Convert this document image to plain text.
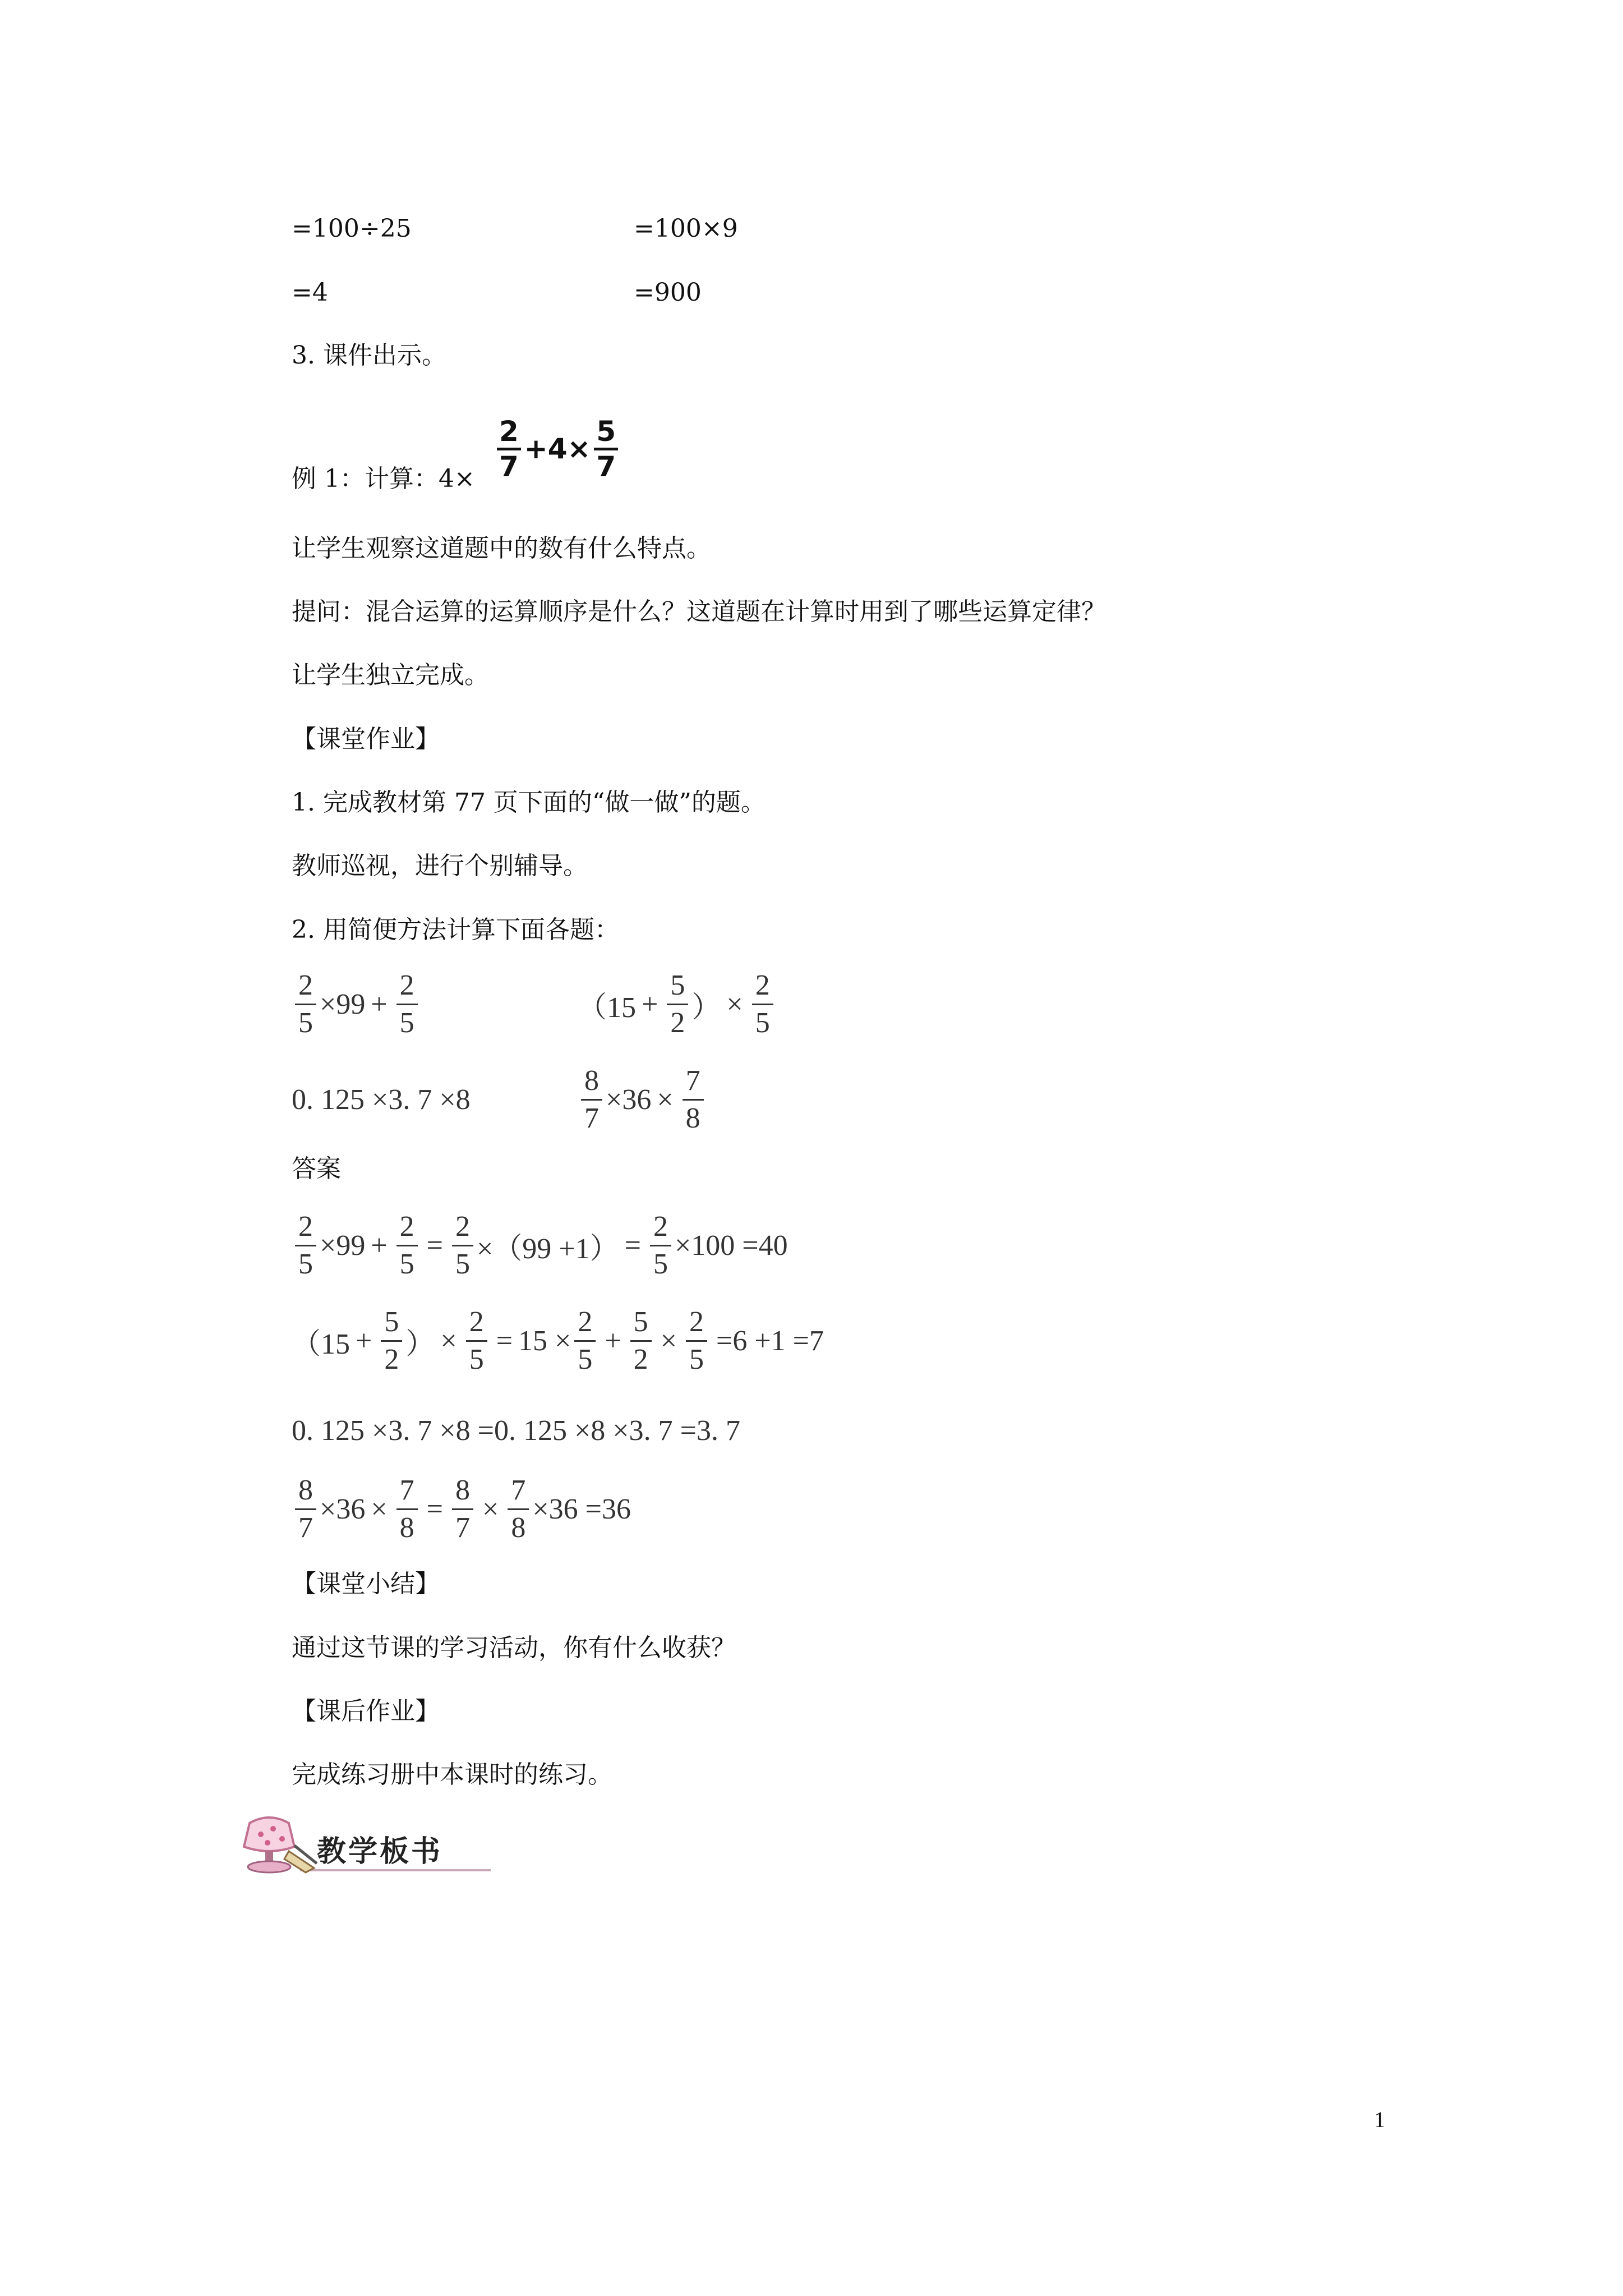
=100÷25	=100×9
=4	=900
3. 课件出示。
例 1：计算：$4\times \frac{2}{7} +4\times \frac{5}{7}$
让学生观察这道题中的数有什么特点。
提问：混合运算的运算顺序是什么？这道题在计算时用到了哪些运算定律？
让学生独立完成。
【课堂作业】
1. 完成教材第 77 页下面的“做一做”的题。
教师巡视，进行个别辅导。
2. 用简便方法计算下面各题：
$\frac{2}{5} \times 99 + \frac{2}{5}$	（$15 + \frac{5}{2}$ ） × $\frac{2}{5}$
0. 125 ×3. 7 ×8	$\frac{8}{7} \times 36 \times \frac{7}{8}$
答案
$\frac{2}{5} \times 99 + \frac{2}{5} = \frac{2}{5} \times(99 +1) = \frac{2}{5} \times 100 =40$
（$15 + \frac{5}{2}$ ） × $\frac{2}{5} = 15 \times \frac{2}{5} + \frac{5}{2} \times \frac{2}{5} =6 +1 =7$
0. 125 ×3. 7 ×8 =0. 125 ×8 ×3. 7 =3. 7
$\frac{8}{7} \times 36 \times \frac{7}{8} = \frac{8}{7} \times \frac{7}{8} \times 36 =36$
【课堂小结】
通过这节课的学习活动，你有什么收获？
【课后作业】
完成练习册中本课时的练习。
教学板书
1
